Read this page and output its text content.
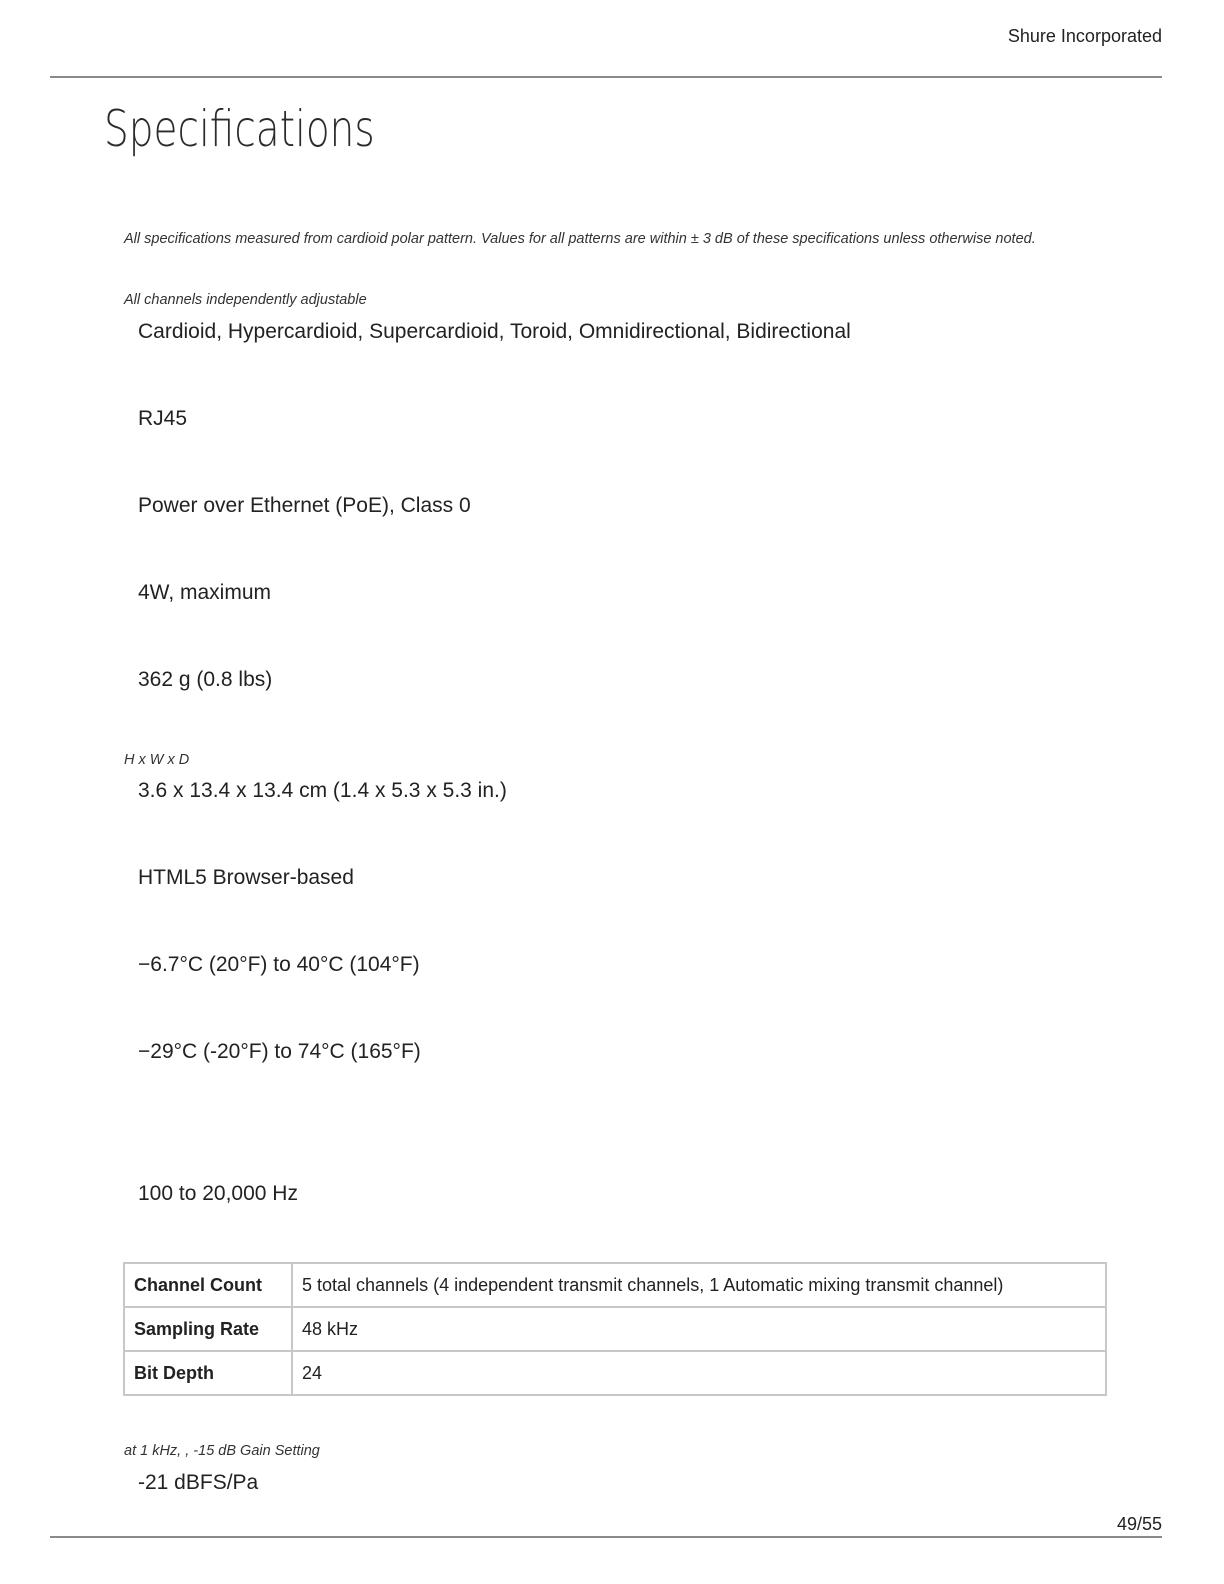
Shure Incorporated
Specifications
All specifications measured from cardioid polar pattern. Values for all patterns are within ± 3 dB of these specifications unless otherwise noted.
All channels independently adjustable
Cardioid, Hypercardioid, Supercardioid, Toroid, Omnidirectional, Bidirectional
RJ45
Power over Ethernet (PoE), Class 0
4W, maximum
362 g (0.8 lbs)
H x W x D
3.6 x 13.4 x 13.4 cm (1.4 x 5.3 x 5.3 in.)
HTML5 Browser-based
−6.7°C (20°F) to 40°C (104°F)
−29°C (-20°F) to 74°C (165°F)
100 to 20,000 Hz
Channel Count	5 total channels (4 independent transmit channels, 1 Automatic mixing transmit channel)
Sampling Rate	48 kHz
Bit Depth	24
at 1 kHz, , -15 dB Gain Setting
-21 dBFS/Pa
49/55
